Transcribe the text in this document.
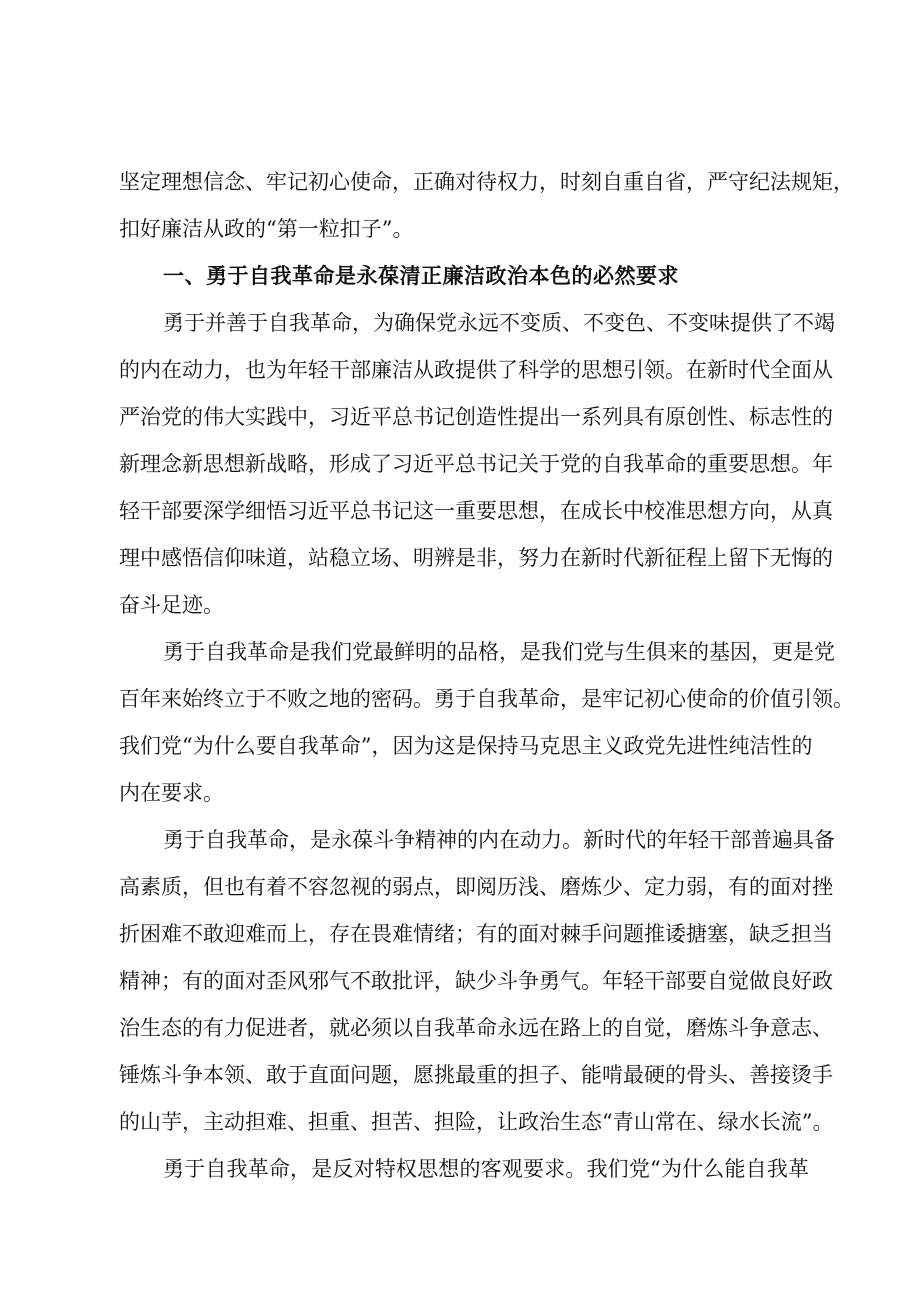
坚定理想信念、牢记初心使命，正确对待权力，时刻自重自省，严守纪法规矩，

扣好廉洁从政的“第一粒扣子”。

一、勇于自我革命是永葆清正廉洁政治本色的必然要求

勇于并善于自我革命，为确保党永远不变质、不变色、不变味提供了不竭

的内在动力，也为年轻干部廉洁从政提供了科学的思想引领。在新时代全面从

严治党的伟大实践中，习近平总书记创造性提出一系列具有原创性、标志性的

新理念新思想新战略，形成了习近平总书记关于党的自我革命的重要思想。年

轻干部要深学细悟习近平总书记这一重要思想，在成长中校准思想方向，从真

理中感悟信仰味道，站稳立场、明辨是非，努力在新时代新征程上留下无悔的

奋斗足迹。

勇于自我革命是我们党最鲜明的品格，是我们党与生俱来的基因，更是党

百年来始终立于不败之地的密码。勇于自我革命，是牢记初心使命的价值引领。

我们党“为什么要自我革命”，因为这是保持马克思主义政党先进性纯洁性的

内在要求。

勇于自我革命，是永葆斗争精神的内在动力。新时代的年轻干部普遍具备

高素质，但也有着不容忽视的弱点，即阅历浅、磨炼少、定力弱，有的面对挫

折困难不敢迎难而上，存在畏难情绪；有的面对棘手问题推诿搪塞，缺乏担当

精神；有的面对歪风邪气不敢批评，缺少斗争勇气。年轻干部要自觉做良好政

治生态的有力促进者，就必须以自我革命永远在路上的自觉，磨炼斗争意志、

锤炼斗争本领、敢于直面问题，愿挑最重的担子、能啃最硬的骨头、善接烫手

的山芋，主动担难、担重、担苦、担险，让政治生态“青山常在、绿水长流”。

勇于自我革命，是反对特权思想的客观要求。我们党“为什么能自我革
